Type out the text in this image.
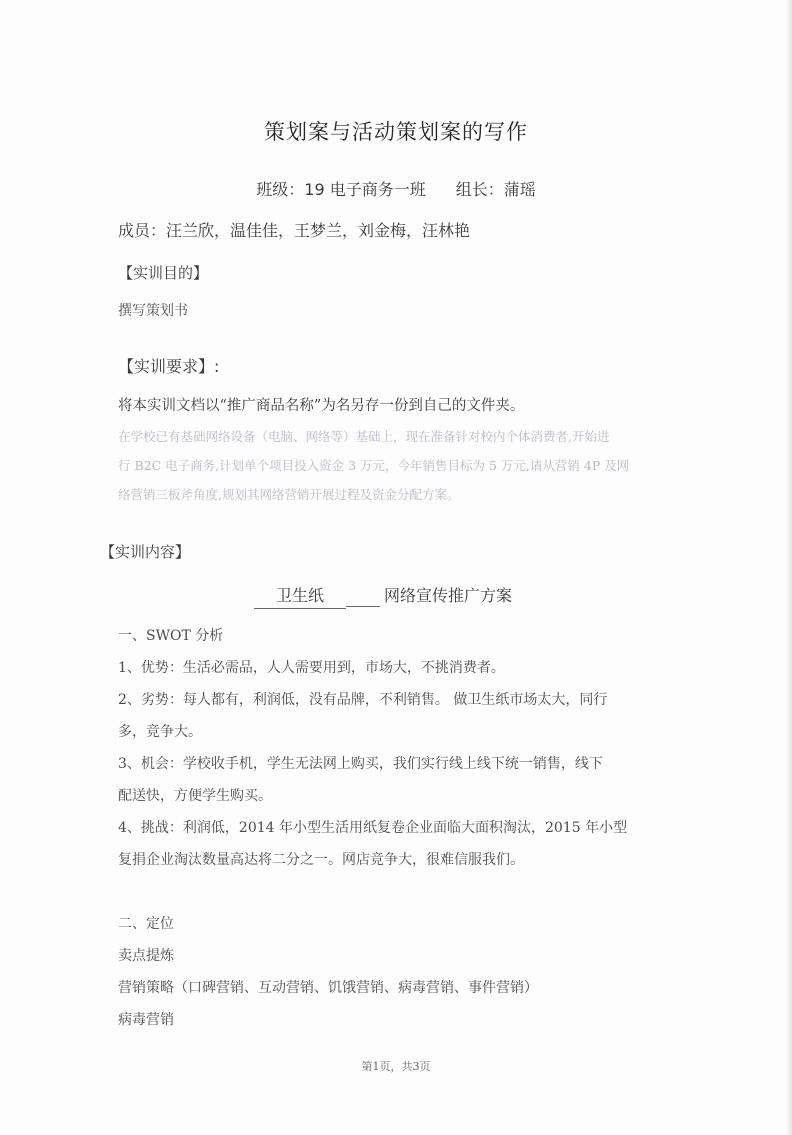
策划案与活动策划案的写作
班级：19 电子商务一班 组长：蒲瑶
成员：汪兰欣，温佳佳，王梦兰，刘金梅，汪林艳
【实训目的】
撰写策划书
【实训要求】:
将本实训文档以“推广商品名称”为名另存一份到自己的文件夹。
在学校已有基础网络设备（电脑、网络等）基础上，现在准备针对校内个体消费者,开始进
行 B2C 电子商务,计划单个项目投入资金 3 万元，今年销售目标为 5 万元,请从营销 4P 及网
络营销三板斧角度,规划其网络营销开展过程及资金分配方案。
【实训内容】
卫生纸	网络宣传推广方案
一、SWOT 分析
1、优势：生活必需品，人人需要用到，市场大，不挑消费者。
2、劣势：每人都有，利润低，没有品牌，不利销售。 做卫生纸市场太大，同行
多，竞争大。
3、机会：学校收手机，学生无法网上购买，我们实行线上线下统一销售，线下
配送快，方便学生购买。
4、挑战：利润低，2014 年小型生活用纸复卷企业面临大面积淘汰，2015 年小型
复捐企业淘汰数量高达将二分之一。网店竞争大，很难信服我们。
二、定位
卖点提炼
营销策略（口碑营销、互动营销、饥饿营销、病毒营销、事件营销）
病毒营销
第1页，共3页
